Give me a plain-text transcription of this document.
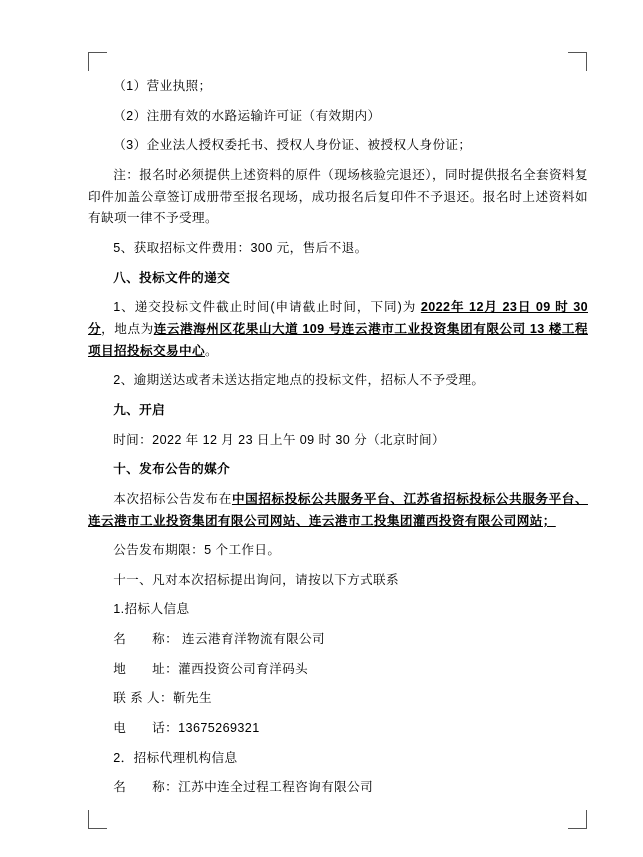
（1）营业执照；

（2）注册有效的水路运输许可证（有效期内）

（3）企业法人授权委托书、授权人身份证、被授权人身份证；

注：报名时必须提供上述资料的原件（现场核验完退还），同时提供报名全套资料复印件加盖公章签订成册带至报名现场，成功报名后复印件不予退还。报名时上述资料如有缺项一律不予受理。

5、获取招标文件费用：300 元，售后不退。

八、投标文件的递交

1、递交投标文件截止时间(申请截止时间，下同)为 2022年 12月 23日 09 时 30 分，地点为连云港海州区花果山大道 109 号连云港市工业投资集团有限公司 13 楼工程项目招投标交易中心。

2、逾期送达或者未送达指定地点的投标文件，招标人不予受理。

九、开启

时间：2022 年 12 月 23 日上午 09 时 30 分（北京时间）

十、发布公告的媒介

本次招标公告发布在中国招标投标公共服务平台、江苏省招标投标公共服务平台、连云港市工业投资集团有限公司网站、连云港市工投集团灌西投资有限公司网站；

公告发布期限：5 个工作日。

十一、凡对本次招标提出询问，请按以下方式联系

1.招标人信息

名　　称： 连云港育洋物流有限公司

地　　址：灌西投资公司育洋码头

联 系 人：靳先生

电　　话：13675269321

2．招标代理机构信息

名　　称：江苏中连全过程工程咨询有限公司
